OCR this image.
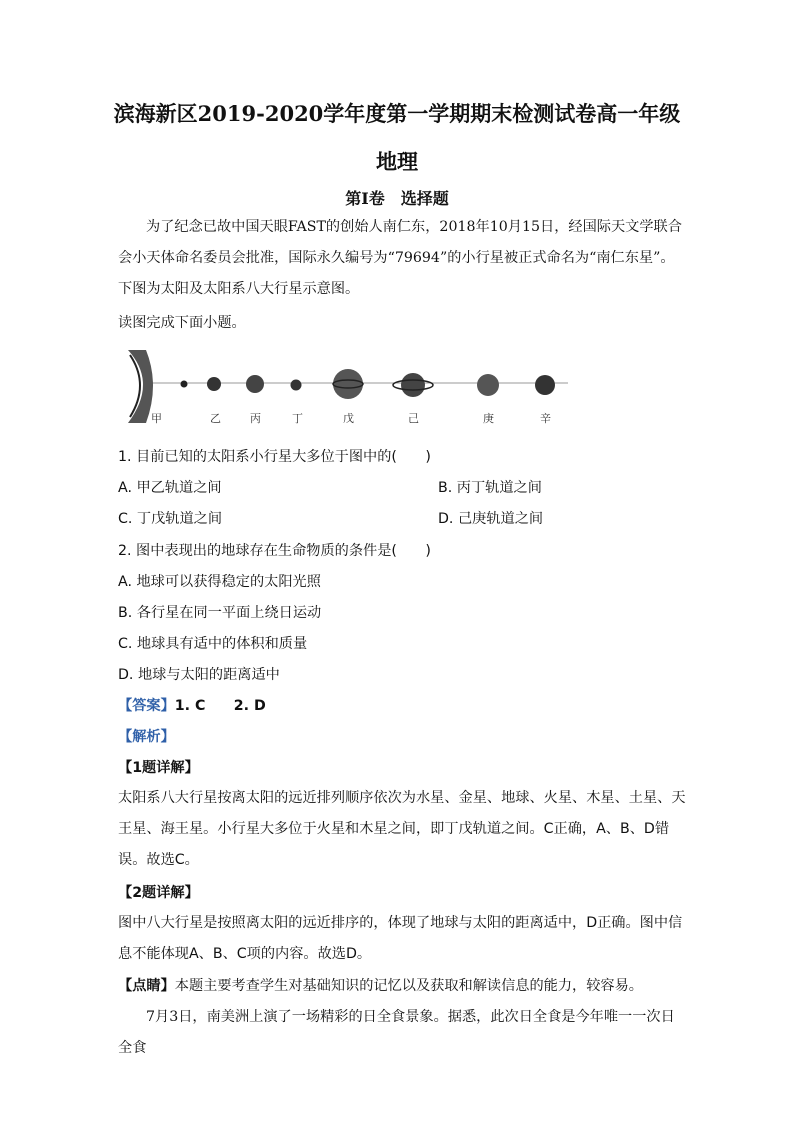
滨海新区2019-2020学年度第一学期期末检测试卷高一年级
地理
第Ⅰ卷　选择题
为了纪念已故中国天眼FAST的创始人南仁东，2018年10月15日，经国际天文学联合会小天体命名委员会批准，国际永久编号为“79694”的小行星被正式命名为“南仁东星”。下图为太阳及太阳系八大行星示意图。
读图完成下面小题。
甲	乙	丙	丁	戊	己	庚	辛
1. 目前已知的太阳系小行星大多位于图中的(　　)
A. 甲乙轨道之间	B. 丙丁轨道之间
C. 丁戊轨道之间	D. 己庚轨道之间
2. 图中表现出的地球存在生命物质的条件是(　　)
A. 地球可以获得稳定的太阳光照
B. 各行星在同一平面上绕日运动
C. 地球具有适中的体积和质量
D. 地球与太阳的距离适中
【答案】1. C　　2. D
【解析】
【1题详解】
太阳系八大行星按离太阳的远近排列顺序依次为水星、金星、地球、火星、木星、土星、天王星、海王星。小行星大多位于火星和木星之间，即丁戊轨道之间。C正确，A、B、D错误。故选C。
【2题详解】
图中八大行星是按照离太阳的远近排序的，体现了地球与太阳的距离适中，D正确。图中信息不能体现A、B、C项的内容。故选D。
【点睛】本题主要考查学生对基础知识的记忆以及获取和解读信息的能力，较容易。
7月3日，南美洲上演了一场精彩的日全食景象。据悉，此次日全食是今年唯一一次日全食
